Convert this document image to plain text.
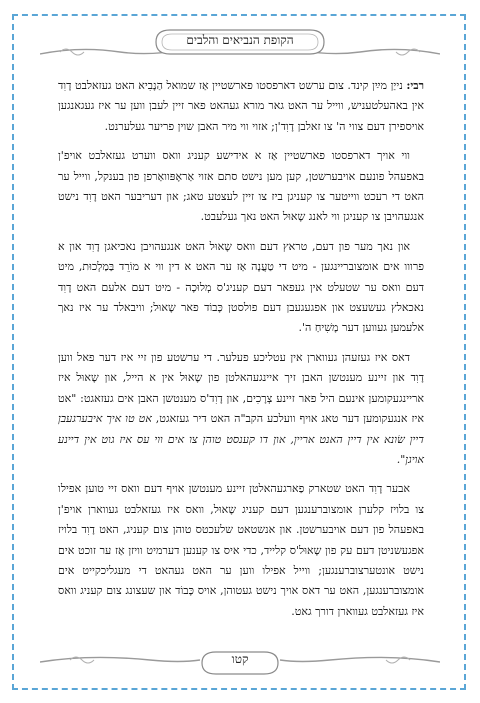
הקופת הנביאים והלבים

רבי: נייַן מײַן קינד. צום ערשט דארפסטו פארשטיין אַז שמואל הַנָבִיא האט געזאלבט דָוִד אין באהעלטעניש, ווייל ער האט גאר מורא געהאט פאר זיין לעבן ווען ער איז געגאנגען אויספירן דעם צווי ה' צו זאלבן דָוִד'ן; אזוי ווי מיר האבן שוין פריער געלערנט.

ווי אויך דארפסטו פארשטיין אַז א אידישע קעניג וואס ווערט געזאלבט אויפ'ן באפעהל פונעם אויבערשטן, קען מען נישט סתם אזוי אַראָפּוואַרפן פון בענקל, ווייל ער האט די רעכט ווייטער צו קעניגן ביז צו זיין לעצטע טאג; און דעריבער האט דָוִד נישט אנגעהויבן צו קעניגן ווי לאנג שָאוּל האט נאך געלעבט.

און נאך מער פון דעם, טראץ דעם וואס שָאוּל האט אנגעהויבן נאכיאגן דָוִד און א פרווו אים אומצובריינגען - מיט די טַעֲנָה אַז ער האט א דין ווי א מוֹרֵד בַּמַלְכוּת, מיט דעם וואס ער שטעלט אין געפאר דעם קעניג'ס מְלוּכָה - מיט דעם אלעם האט דָוִד נאכאלץ געשעצט און אפגעגעבן דעם פולסטן כָּבוֹד פאר שָאוּל; וויבאלד ער איז נאך אלעמען געווען דער מָשִׁיחַ ה'.

דאס איז געזעהן געווארן אין עטליכע פעלער. די ערשטע פון זיי איז דער פאל ווען דָוִד און זיינע מענטשן האבן זיך איינגעהאלטן פון שָאוּל אין א הייל, און שָאוּל איז אריינגעקומען אינעם היל פאר זיינע צְרָכִים, און דָוִד'ס מענטשן האבן אים געזאגט: "אט איז אנגעקומען דער טאג אויף וועלכע הקב"ה האט דיר געזאגט, אט טו איך איבערגעבן דיין שׂונא אין דיין האנט אריין, און דו קענסט טוהן צו אים ווי עס איז גוט אין דיינע אויגן".

אבער דָוִד האט שטארק פַארגעהאלטן זיינע מענטשן אויף דעם וואס זיי טוען אפילו צו בלויז קלערן אומצוברענגען דעם קעניג שָאוּל, וואס איז געזאלבט געווארן אויפ'ן באפעהל פון דעם אויבערשטן. און אנשטאט שלעכטס טוהן צום קעניג, האט דָוִד בלויז אפגעשניטן דעם עק פון שָאוּל'ס קלייד, כדי איס צו קענען דערמיט וויזן אַז ער זוכט אים נישט אונטערצוברענגען; ווייל אפילו ווען ער האט געהאט די מעגליכקייט אים אומצוברענגען, האט ער דאס אויך נישט געטוהן, אויס כָּבוֹד און שעצונג צום קעניג וואס איז געזאלבט געווארן דורך גאט.

קטו
